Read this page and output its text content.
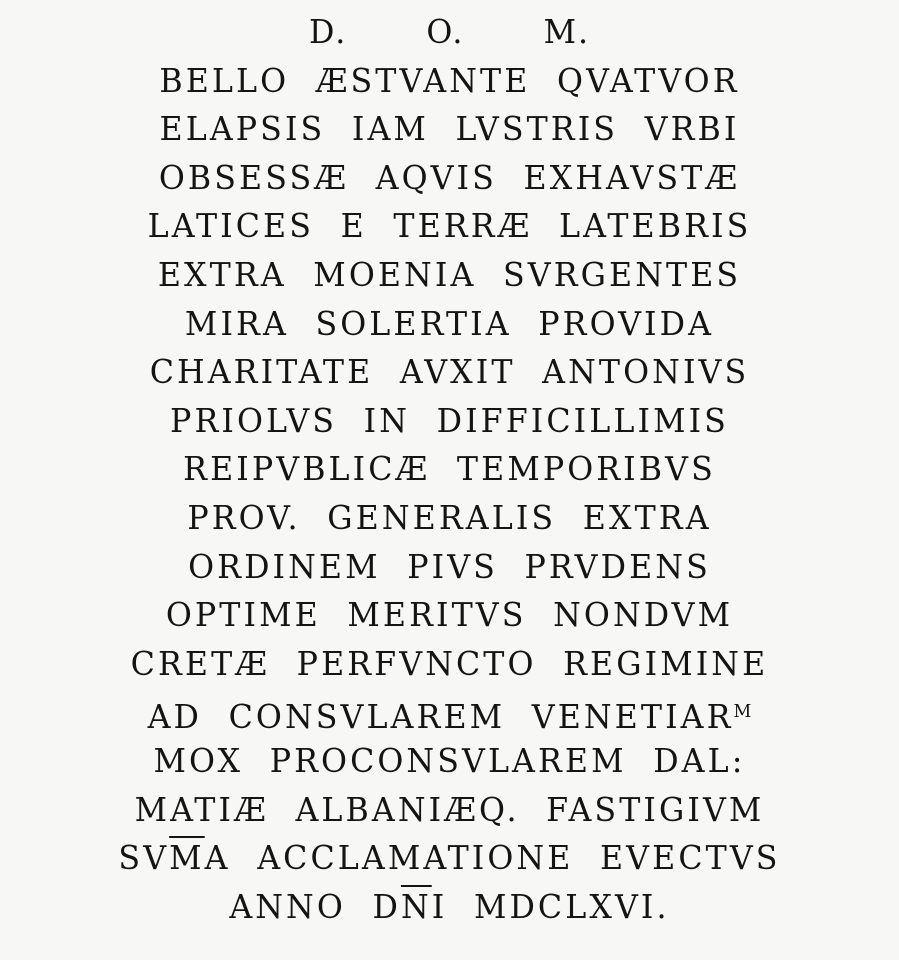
D. O. M.
BELLO ÆSTVANTE QVATVOR
ELAPSIS IAM LVSTRIS VRBI
OBSESSÆ AQVIS EXHAVSTÆ
LATICES E TERRÆ LATEBRIS
EXTRA MOENIA SVRGENTES
MIRA SOLERTIA PROVIDA
CHARITATE AVXIT ANTONIVS
PRIOLVS IN DIFFICILLIMIS
REIPVBLICÆ TEMPORIBVS
PROV. GENERALIS EXTRA
ORDINEM PIVS PRVDENS
OPTIME MERITVS NONDVM
CRETÆ PERFVNCTO REGIMINE
AD CONSVLAREM $VENETIAR^M$
MOX PROCONSVLAREM DAL:
MATIÆ ALBANIÆQ. FASTIGIVM
$SV\overline{M}A$ ACCLAMATIONE EVECTVS
ANNO $D\overline{N}I$ MDCLXVI.
